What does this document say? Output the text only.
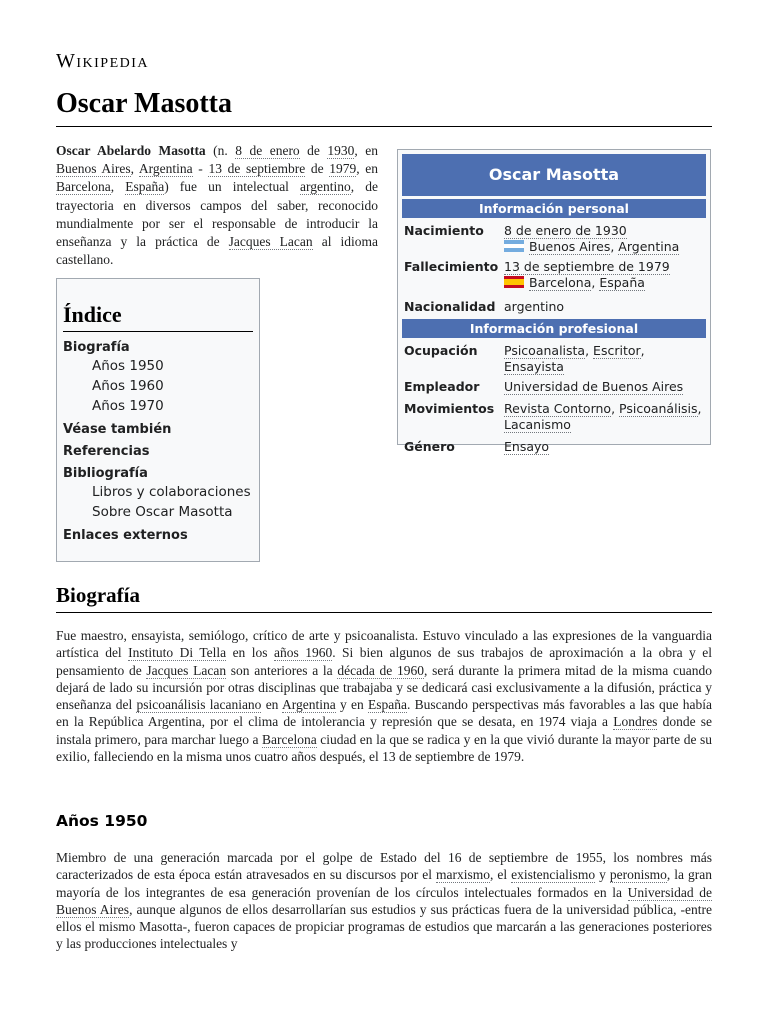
Wikipedia
Oscar Masotta

Oscar Abelardo Masotta (n. 8 de enero de 1930, en Buenos Aires, Argentina - 13 de septiembre de 1979, en Barcelona, España) fue un intelectual argentino, de trayectoria en diversos campos del saber, reconocido mundialmente por ser el responsable de introducir la enseñanza y la práctica de Jacques Lacan al idioma castellano.

Índice
Biografía
Años 1950
Años 1960
Años 1970
Véase también
Referencias
Bibliografía
Libros y colaboraciones
Sobre Oscar Masotta
Enlaces externos
Oscar Masotta
Información personal
Nacimiento	8 de enero de 1930
Buenos Aires, Argentina
Fallecimiento 13 de septiembre de 1979
Barcelona, España
Nacionalidad argentino
Información profesional
Ocupación	Psicoanalista, Escritor, Ensayista
Empleador	Universidad de Buenos Aires
Movimientos Revista Contorno, Psicoanálisis,
Lacanismo
Género	Ensayo
Biografía

Fue maestro, ensayista, semiólogo, crítico de arte y psicoanalista. Estuvo vinculado a las expresiones de la vanguardia artística del Instituto Di Tella en los años 1960. Si bien algunos de sus trabajos de aproximación a la obra y el pensamiento de Jacques Lacan son anteriores a la década de 1960, será durante la primera mitad de la misma cuando dejará de lado su incursión por otras disciplinas que trabajaba y se dedicará casi exclusivamente a la difusión, práctica y enseñanza del psicoanálisis lacaniano en Argentina y en España. Buscando perspectivas más favorables a las que había en la República Argentina, por el clima de intolerancia y represión que se desata, en 1974 viaja a Londres donde se instala primero, para marchar luego a Barcelona ciudad en la que se radica y en la que vivió durante la mayor parte de su exilio, falleciendo en la misma unos cuatro años después, el 13 de septiembre de 1979.

Años 1950

Miembro de una generación marcada por el golpe de Estado del 16 de septiembre de 1955, los nombres más caracterizados de esta época están atravesados en su discursos por el marxismo, el existencialismo y peronismo, la gran mayoría de los integrantes de esa generación provenían de los círculos intelectuales formados en la Universidad de Buenos Aires, aunque algunos de ellos desarrollarían sus estudios y sus prácticas fuera de la universidad pública, -entre ellos el mismo Masotta-, fueron capaces de propiciar programas de estudios que marcarán a las generaciones posteriores y las producciones intelectuales y
